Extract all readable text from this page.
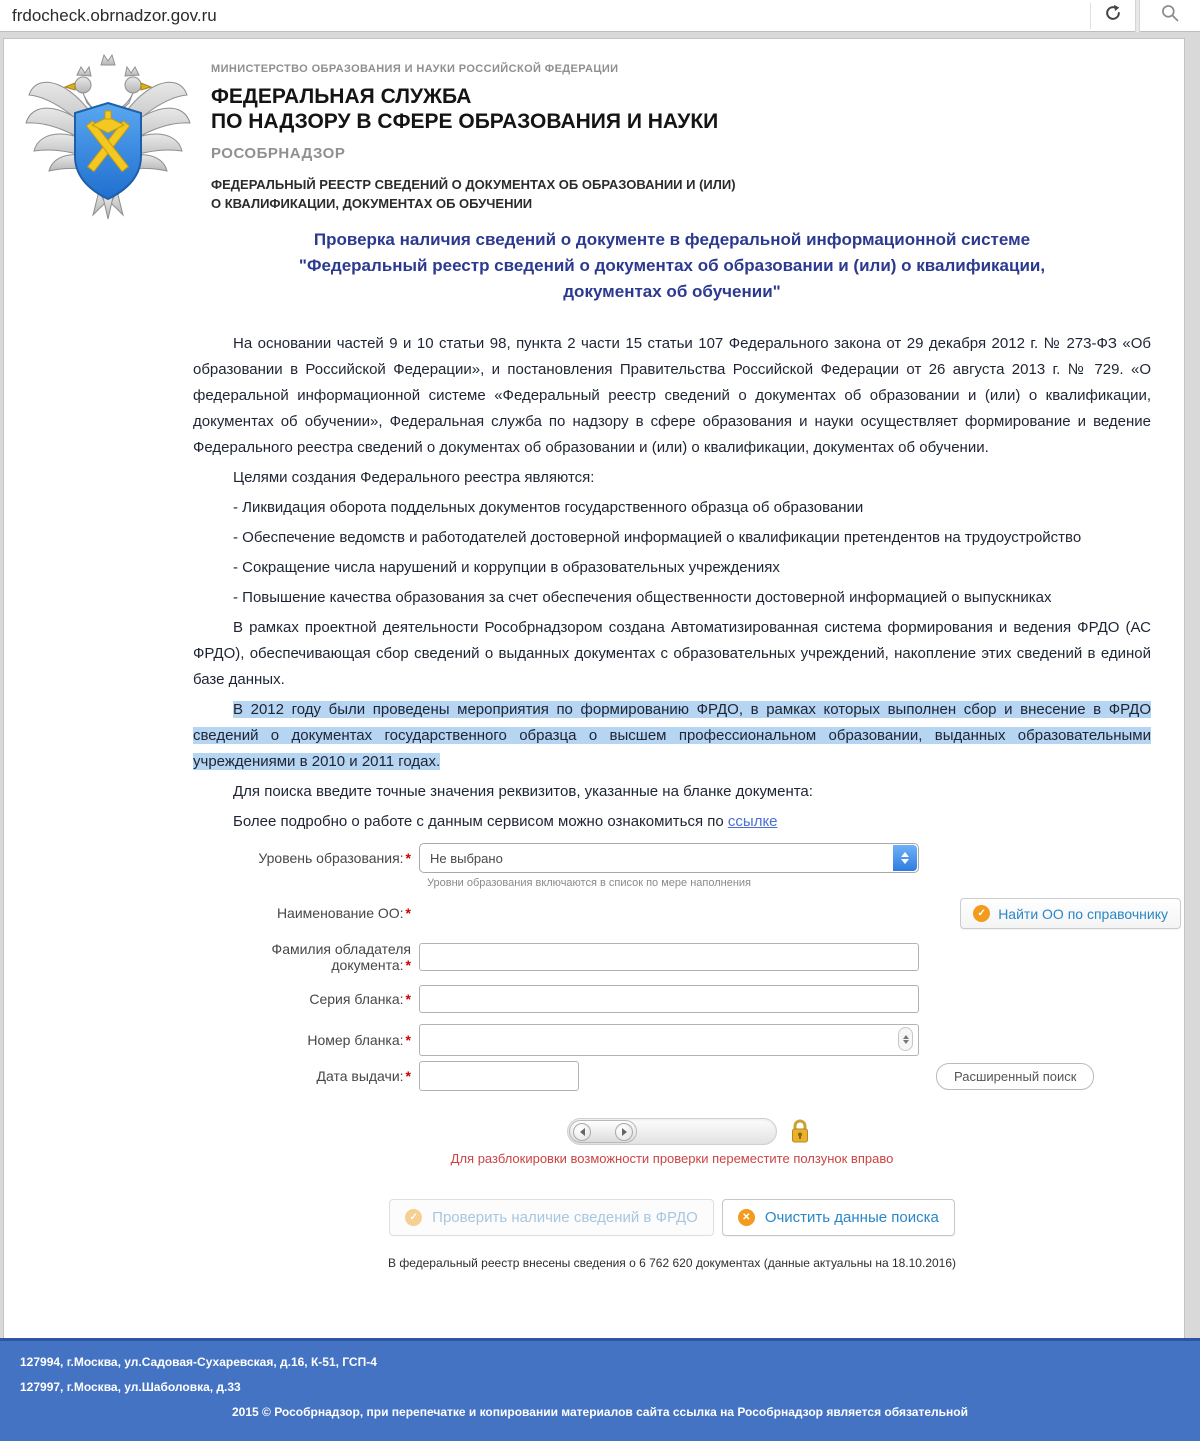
frdocheck.obrnadzor.gov.ru
МИНИСТЕРСТВО ОБРАЗОВАНИЯ И НАУКИ РОССИЙСКОЙ ФЕДЕРАЦИИ
ФЕДЕРАЛЬНАЯ СЛУЖБА
ПО НАДЗОРУ В СФЕРЕ ОБРАЗОВАНИЯ И НАУКИ
РОСОБРНАДЗОР
ФЕДЕРАЛЬНЫЙ РЕЕСТР СВЕДЕНИЙ О ДОКУМЕНТАХ ОБ ОБРАЗОВАНИИ И (ИЛИ)
О КВАЛИФИКАЦИИ, ДОКУМЕНТАХ ОБ ОБУЧЕНИИ
Проверка наличия сведений о документе в федеральной информационной системе
"Федеральный реестр сведений о документах об образовании и (или) о квалификации,
документах об обучении"

На основании частей 9 и 10 статьи 98, пункта 2 части 15 статьи 107 Федерального закона от 29 декабря 2012 г. № 273-ФЗ «Об образовании в Российской Федерации», и постановления Правительства Российской Федерации от 26 августа 2013 г. № 729. «О федеральной информационной системе «Федеральный реестр сведений о документах об образовании и (или) о квалификации, документах об обучении», Федеральная служба по надзору в сфере образования и науки осуществляет формирование и ведение Федерального реестра сведений о документах об образовании и (или) о квалификации, документах об обучении.

Целями создания Федерального реестра являются:

- Ликвидация оборота поддельных документов государственного образца об образовании

- Обеспечение ведомств и работодателей достоверной информацией о квалификации претендентов на трудоустройство

- Сокращение числа нарушений и коррупции в образовательных учреждениях

- Повышение качества образования за счет обеспечения общественности достоверной информацией о выпускниках

В рамках проектной деятельности Рособрнадзором создана Автоматизированная система формирования и ведения ФРДО (АС ФРДО), обеспечивающая сбор сведений о выданных документах с образовательных учреждений, накопление этих сведений в единой базе данных.

В 2012 году были проведены мероприятия по формированию ФРДО, в рамках которых выполнен сбор и внесение в ФРДО сведений о документах государственного образца о высшем профессиональном образовании, выданных образовательными учреждениями в 2010 и 2011 годах.

Для поиска введите точные значения реквизитов, указанные на бланке документа:

Более подробно о работе с данным сервисом можно ознакомиться по ссылке

Уровень образования: *	Не выбрано
Уровни образования включаются в список по мере наполнения
Наименование ОО: *	✓ Найти ОО по справочнику
Фамилия обладателя документа: *
Серия бланка: *
Номер бланка: *
Дата выдачи: *	Расширенный поиск
Для разблокировки возможности проверки переместите ползунок вправо
✓ Проверить наличие сведений в ФРДО	✕ Очистить данные поиска
В федеральный реестр внесены сведения о 6 762 620 документах (данные актуальны на 18.10.2016)
127994, г.Москва, ул.Садовая-Сухаревская, д.16, К-51, ГСП-4
127997, г.Москва, ул.Шаболовка, д.33
2015 © Рособрнадзор, при перепечатке и копировании материалов сайта ссылка на Рособрнадзор является обязательной
